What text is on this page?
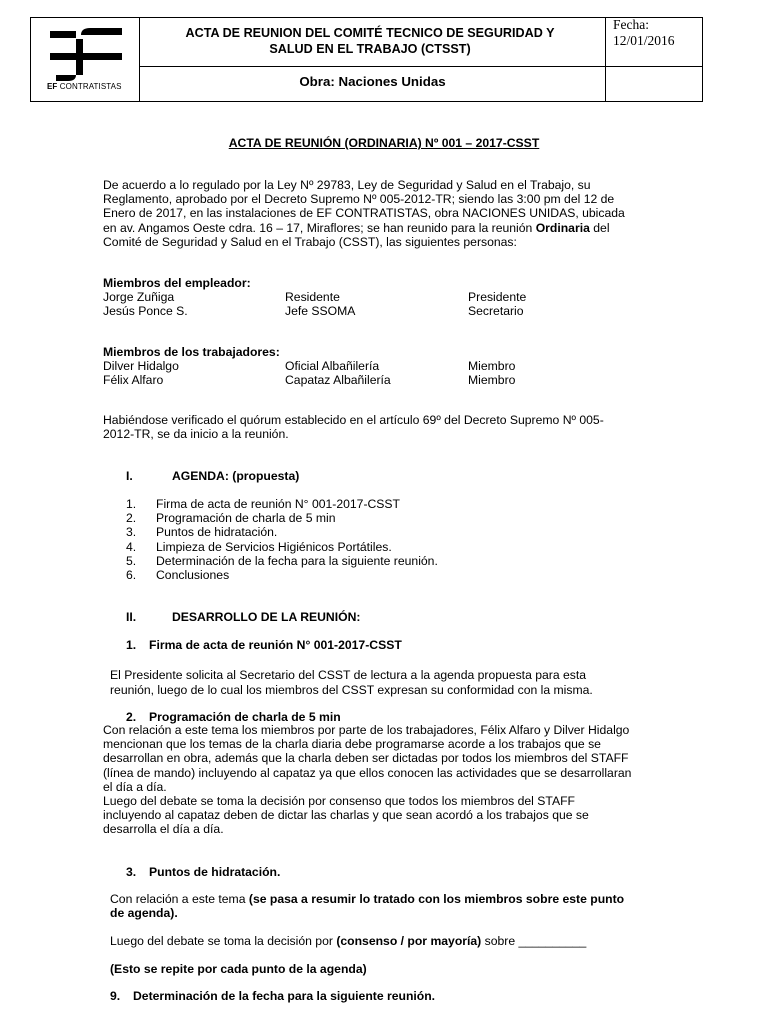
EF CONTRATISTAS
ACTA DE REUNION DEL COMITÉ TECNICO DE SEGURIDAD Y
SALUD EN EL TRABAJO (CTSST)
Obra: Naciones Unidas
Fecha:
12/01/2016
ACTA DE REUNIÓN (ORDINARIA) Nº 001 – 2017-CSST
De acuerdo a lo regulado por la Ley Nº 29783, Ley de Seguridad y Salud en el Trabajo, su
Reglamento, aprobado por el Decreto Supremo Nº 005-2012-TR; siendo las 3:00 pm del 12 de
Enero de 2017, en las instalaciones de EF CONTRATISTAS, obra NACIONES UNIDAS, ubicada
en av. Angamos Oeste cdra. 16 – 17, Miraflores; se han reunido para la reunión Ordinaria del
Comité de Seguridad y Salud en el Trabajo (CSST), las siguientes personas:
Miembros del empleador:
Jorge Zuñiga	Residente	Presidente
Jesús Ponce S.	Jefe SSOMA	Secretario
Miembros de los trabajadores:
Dilver Hidalgo	Oficial Albañilería	Miembro
Félix Alfaro	Capataz Albañilería	Miembro
Habiéndose verificado el quórum establecido en el artículo 69º del Decreto Supremo Nº 005-
2012-TR, se da inicio a la reunión.
I.	AGENDA: (propuesta)
1. Firma de acta de reunión N° 001-2017-CSST
2. Programación de charla de 5 min
3. Puntos de hidratación.
4. Limpieza de Servicios Higiénicos Portátiles.
5. Determinación de la fecha para la siguiente reunión.
6. Conclusiones
II.	DESARROLLO DE LA REUNIÓN:
1. Firma de acta de reunión N° 001-2017-CSST
El Presidente solicita al Secretario del CSST de lectura a la agenda propuesta para esta
reunión, luego de lo cual los miembros del CSST expresan su conformidad con la misma.
2. Programación de charla de 5 min
Con relación a este tema los miembros por parte de los trabajadores, Félix Alfaro y Dilver Hidalgo
mencionan que los temas de la charla diaria debe programarse acorde a los trabajos que se
desarrollan en obra, además que la charla deben ser dictadas por todos los miembros del STAFF
(línea de mando) incluyendo al capataz ya que ellos conocen las actividades que se desarrollaran
el día a día.
Luego del debate se toma la decisión por consenso que todos los miembros del STAFF
incluyendo al capataz deben de dictar las charlas y que sean acordó a los trabajos que se
desarrolla el día a día.
3. Puntos de hidratación.
Con relación a este tema (se pasa a resumir lo tratado con los miembros sobre este punto
de agenda).
Luego del debate se toma la decisión por (consenso / por mayoría) sobre __________
(Esto se repite por cada punto de la agenda)
9. Determinación de la fecha para la siguiente reunión.
